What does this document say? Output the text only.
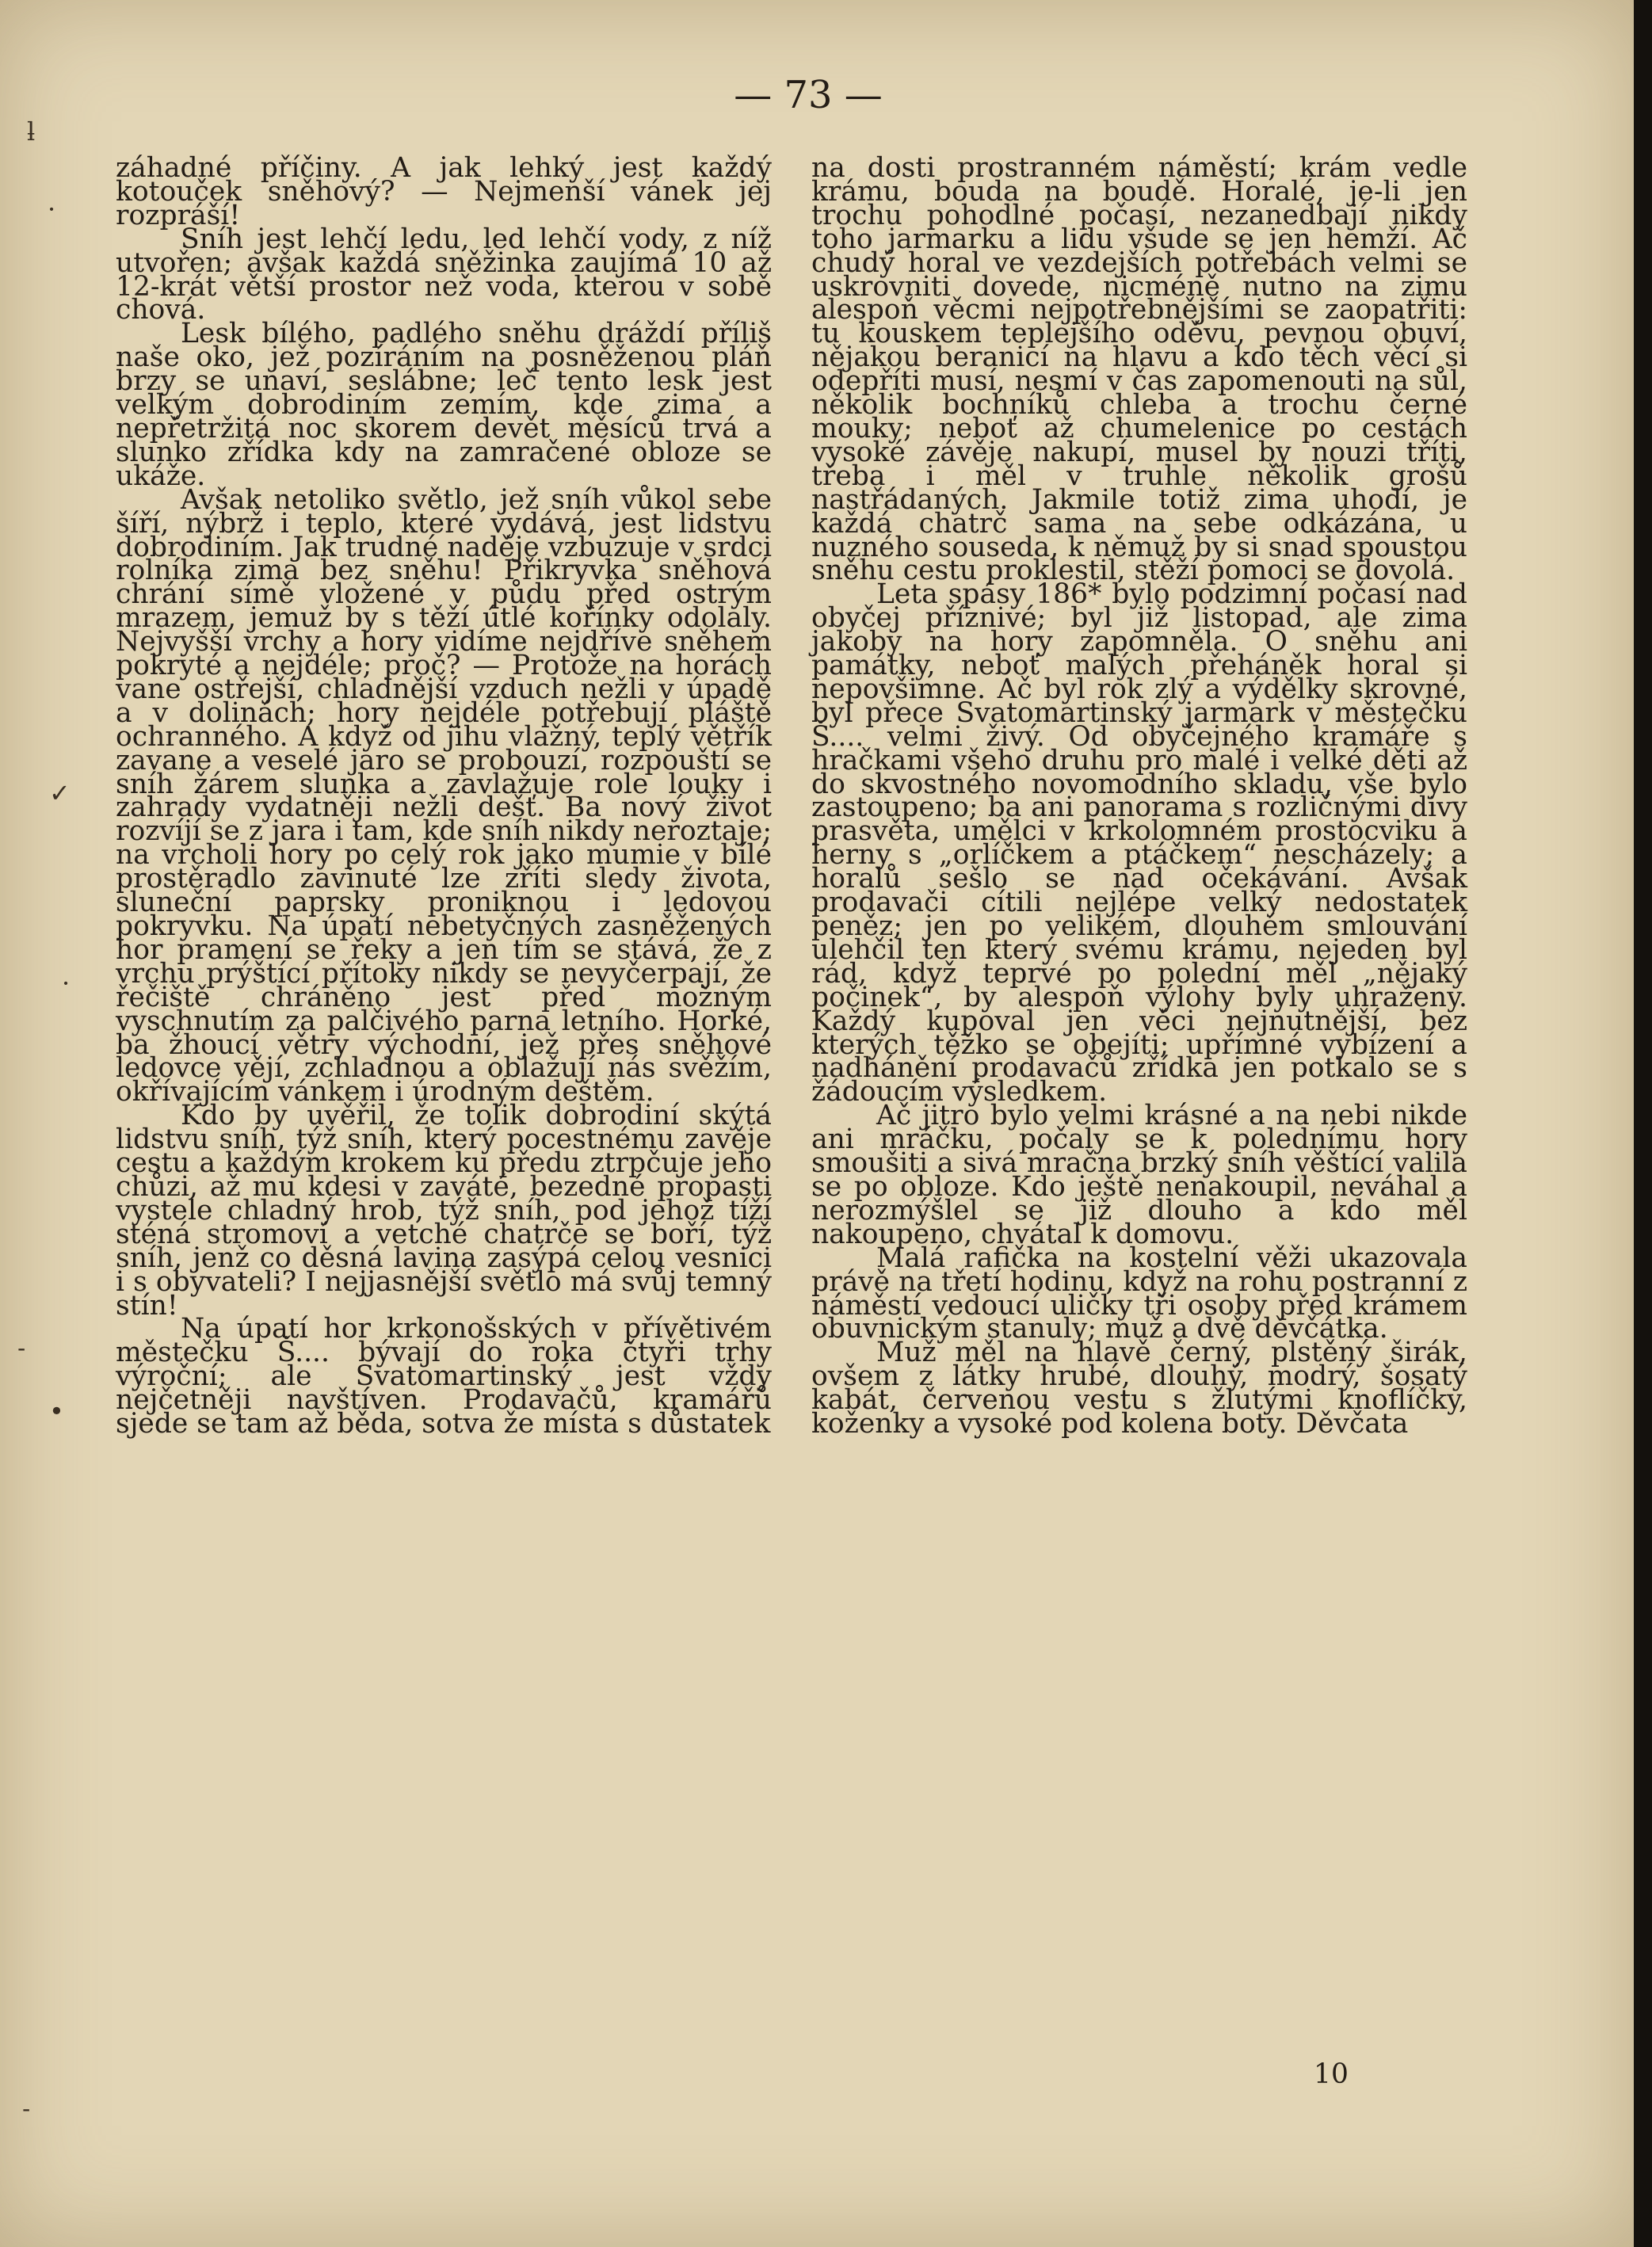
— 73 —
ƚ
·
✓
·
˗
•
˗

záhadné příčiny. A jak lehký jest každý kotouček sněhový? — Nejmenší vánek jej rozpráší!

Sníh jest lehčí ledu, led lehčí vody, z níž utvořen; avšak každá sněžinka zaujímá 10 až 12-krát větší prostor než voda, kterou v sobě chová.

Lesk bílého, padlého sněhu dráždí příliš naše oko, jež pozíráním na posněženou pláň brzy se unaví, seslábne; leč tento lesk jest velkým dobrodiním zemím, kde zima a nepřetržitá noc skorem devět měsíců trvá a slunko zřídka kdy na zamračené obloze se ukáže.

Avšak netoliko světlo, jež sníh vůkol sebe šíří, nýbrž i teplo, které vydává, jest lidstvu dobrodiním. Jak trudné naděje vzbuzuje v srdci rolníka zima bez sněhu! Přikryvka sněhová chrání símě vložené v půdu před ostrým mrazem, jemuž by s těží útlé kořínky odolaly. Nejvyšší vrchy a hory vidíme nejdříve sněhem pokryté a nejdéle; proč? — Protože na horách vane ostřejší, chladnější vzduch nežli v úpadě a v dolinách; hory nejdéle potřebují pláště ochranného. A když od jihu vlažný, teplý větřík zavane a veselé jaro se probouzí, rozpouští se sníh žárem slunka a zavlažuje role louky i zahrady vydatněji nežli dešť. Ba nový život rozvíjí se z jara i tam, kde sníh nikdy neroztaje; na vrcholi hory po celý rok jako mumie v bílé prostěradlo zavinuté lze zříti sledy života, sluneční paprsky proniknou i ledovou pokryvku. Na úpatí nebetyčných zasněžených hor pramení se řeky a jen tím se stává, že z vrchu prýštící přítoky nikdy se nevyčerpají, že řečiště chráněno jest před možným vyschnutím za palčivého parna letního. Horké, ba žhoucí větry východní, jež přes sněhové ledovce vějí, zchladnou a oblažují nás svěžím, okřívajícím vánkem i úrodným deštěm.

Kdo by uvěřil, že tolik dobrodiní skýtá lidstvu sníh, týž sníh, který pocestnému zavěje cestu a každým krokem ku předu ztrpčuje jeho chůzi, až mu kdesi v zaváté, bezedné propasti vystele chladný hrob, týž sníh, pod jehož tíží sténá stromoví a vetché chatrče se boří, týž sníh, jenž co děsná lavina zasýpá celou vesnici i s obyvateli? I nejjasnější světlo má svůj temný stín!

Na úpatí hor krkonošských v přívětivém městečku Š.... bývají do roka čtyři trhy výroční; ale Svatomartinský jest vždy nejčetněji navštíven. Prodavačů, kramářů sjede se tam až běda, sotva že místa s důstatek

na dosti prostranném náměstí; krám vedle krámu, bouda na boudě. Horalé, je-li jen trochu pohodlné počasí, nezanedbají nikdy toho jarmarku a lidu všude se jen hemží. Ač chudý horal ve vezdejších potřebách velmi se uskrovniti dovede, nicméně nutno na zimu alespoň věcmi nejpotřebnějšími se zaopatřiti: tu kouskem teplejšího oděvu, pevnou obuví, nějakou beranicí na hlavu a kdo těch věcí si odepříti musí, nesmí v čas zapomenouti na sůl, několik bochníků chleba a trochu černé mouky; neboť až chumelenice po cestách vysoké závěje nakupí, musel by nouzi tříti, třeba i měl v truhle několik grošů nastřádaných. Jakmile totiž zima uhodí, je každá chatrč sama na sebe odkázána, u nuzného souseda, k němuž by si snad spoustou sněhu cestu proklestil, stěží pomoci se dovolá.

Leta spásy 186* bylo podzimní počasí nad obyčej příznivé; byl již listopad, ale zima jakoby na hory zapomněla. O sněhu ani památky, neboť malých přeháněk horal si nepovšimne. Ač byl rok zlý a výdělky skrovné, byl přece Svatomartinský jarmark v městečku Š.... velmi živý. Od obyčejného kramáře s hračkami všeho druhu pro malé i velké děti až do skvostného novomodního skladu, vše bylo zastoupeno; ba ani panorama s rozličnými divy prasvěta, umělci v krkolomném prostocviku a herny s „orlíčkem a ptáčkem“ nescházely; a horalů sešlo se nad očekávání. Avšak prodavači cítili nejlépe velký nedostatek peněz; jen po velikém, dlouhém smlouvání ulehčil ten který svému krámu, nejeden byl rád, když teprvé po polední měl „nějaký počinek“, by alespoň výlohy byly uhraženy. Každý kupoval jen věci nejnutnější, bez kterých těžko se obejíti; upřímné vybízení a nadhánění prodavačů zřídka jen potkalo se s žádoucím výsledkem.

Ač jitro bylo velmi krásné a na nebi nikde ani mráčku, počaly se k polednímu hory smoušiti a sivá mračna brzký sníh věštící valila se po obloze. Kdo ještě nenakoupil, neváhal a nerozmýšlel se již dlouho a kdo měl nakoupeno, chvátal k domovu.

Malá rafička na kostelní věži ukazovala právě na třetí hodinu, když na rohu postranní z náměstí vedoucí uličky tři osoby před krámem obuvnickým stanuly; muž a dvě děvčátka.

Muž měl na hlavě černý, plstěný širák, ovšem z látky hrubé, dlouhý, modrý, šosatý kabát, červenou vestu s žlutými knoflíčky, koženky a vysoké pod kolena boty. Děvčata

10
